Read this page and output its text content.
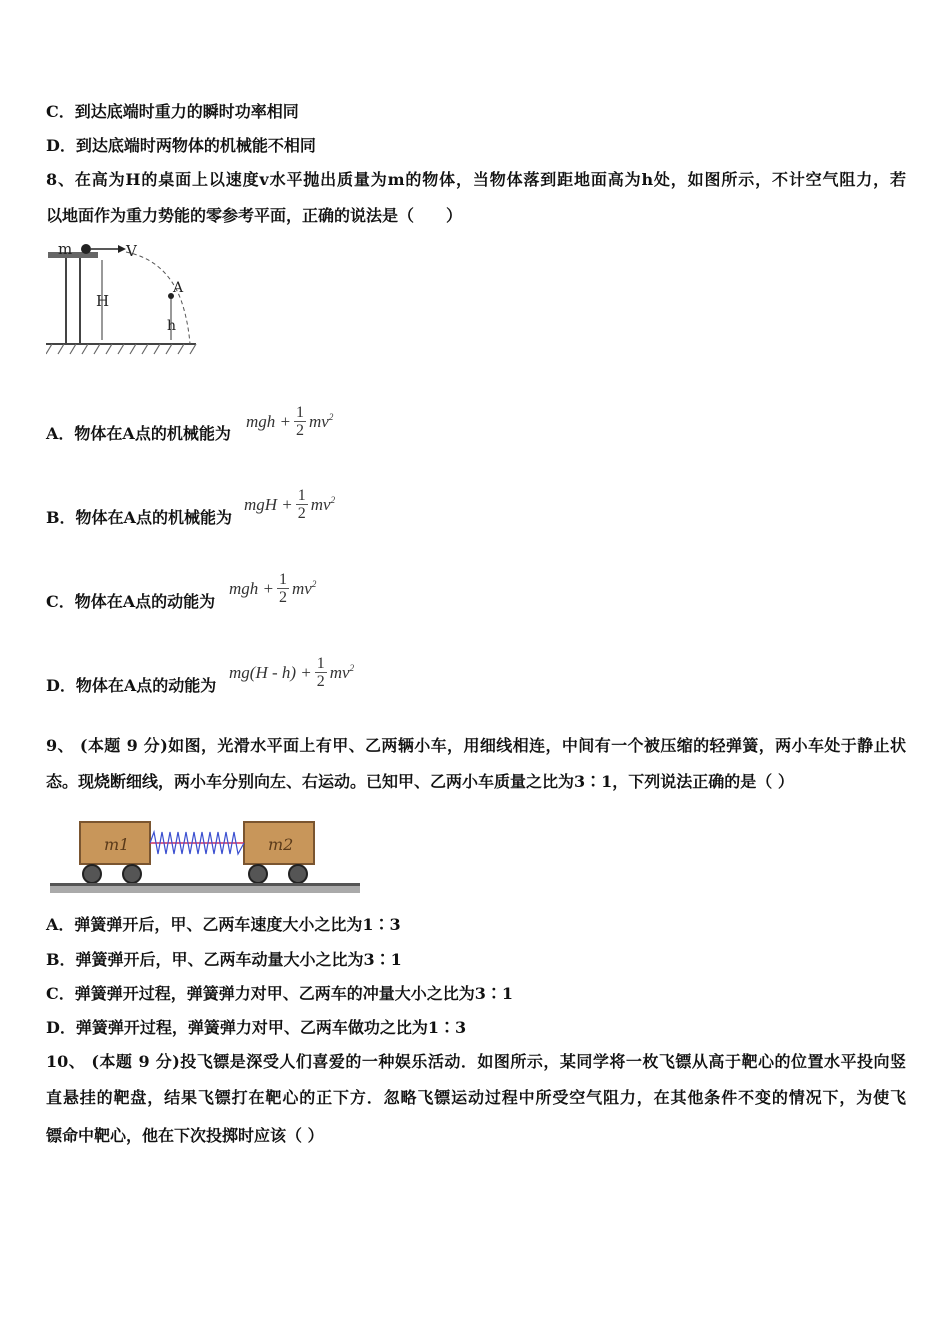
C．到达底端时重力的瞬时功率相同
D．到达底端时两物体的机械能不相同
8、在高为H的桌面上以速度v水平抛出质量为m的物体，当物体落到距地面高为h处，如图所示，不计空气阻力，若
以地面作为重力势能的零参考平面，正确的说法是（　　）
m	V
H
A
h
A．物体在A点的机械能为
mgh + $\frac{1}{2}$ mv 2
B．物体在A点的机械能为
mgH + $\frac{1}{2}$ mv 2
C．物体在A点的动能为
mgh + $\frac{1}{2}$ mv 2
D．物体在A点的动能为
$mg(H - h) + \frac{1}{2}$ mv 2
9、 (本题 9 分)如图，光滑水平面上有甲、乙两辆小车，用细线相连，中间有一个被压缩的轻弹簧，两小车处于静止状
态。现烧断细线，两小车分别向左、右运动。已知甲、乙两小车质量之比为3∶1，下列说法正确的是（ ）
m1	m2
A．弹簧弹开后，甲、乙两车速度大小之比为1∶3
B．弹簧弹开后，甲、乙两车动量大小之比为3∶1
C．弹簧弹开过程，弹簧弹力对甲、乙两车的冲量大小之比为3∶1
D．弹簧弹开过程，弹簧弹力对甲、乙两车做功之比为1∶3
10、 (本题 9 分)投飞镖是深受人们喜爱的一种娱乐活动．如图所示，某同学将一枚飞镖从高于靶心的位置水平投向竖
直悬挂的靶盘，结果飞镖打在靶心的正下方．忽略飞镖运动过程中所受空气阻力，在其他条件不变的情况下，为使飞
镖命中靶心，他在下次投掷时应该（ ）
